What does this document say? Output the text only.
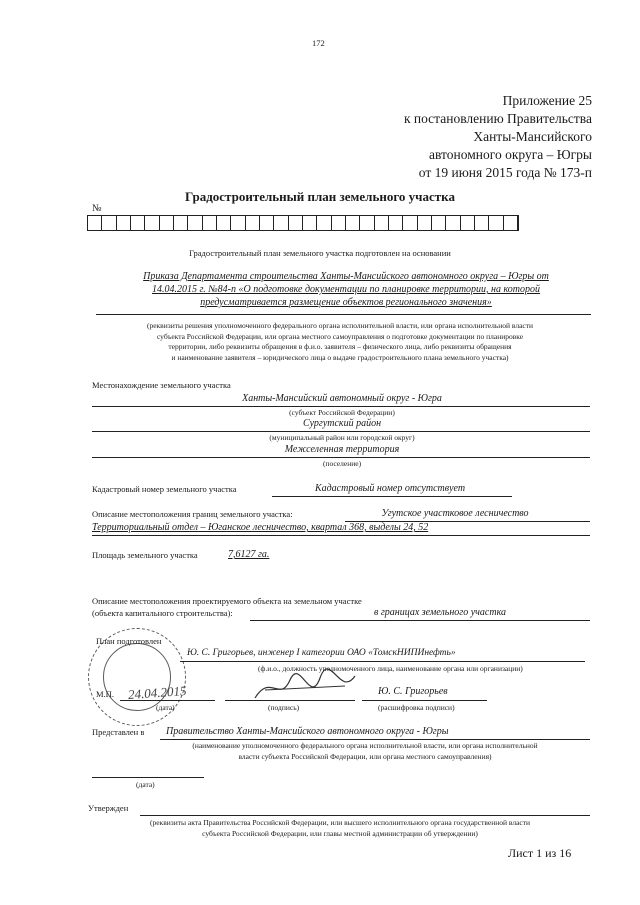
172
Приложение 25
к постановлению Правительства
Ханты-Мансийского
автономного округа – Югры
от 19 июня 2015 года № 173-п
Градостроительный план земельного участка
№
Градостроительный план земельного участка подготовлен на основании
Приказа Департамента строительства Ханты-Мансийского автономного округа – Югры от
14.04.2015 г. №84-п «О подготовке документации по планировке территории, на которой
предусматривается размещение объектов регионального значения»
(реквизиты решения уполномоченного федерального органа исполнительной власти, или органа исполнительной власти
субъекта Российской Федерации, или органа местного самоуправления о подготовке документации по планировке
территории, либо реквизиты обращения в ф.и.о. заявителя – физического лица, либо реквизиты обращения
и наименование заявителя – юридического лица о выдаче градостроительного плана земельного участка)
Местонахождение земельного участка
Ханты-Мансийский автономный округ - Югра
(субъект Российской Федерации)
Сургутский район
(муниципальный район или городской округ)
Межселенная территория
(поселение)
Кадастровый номер земельного участка	Кадастровый номер отсутствует
Описание местоположения границ земельного участка:	Угутское участковое лесничество
Территориальный отдел – Юганское лесничество, квартал 368, выделы 24, 52
Площадь земельного участка	7,6127 га.
Описание местоположения проектируемого объекта на земельном участке
(объекта капитального строительства):	в границах земельного участка
План подготовлен
Ю. С. Григорьев, инженер I категории ОАО «ТомскНИПИнефть»
(ф.и.о., должность уполномоченного лица, наименование органа или организации)
М.П. 24.04.2015
(дата)	(подпись)
Ю. С. Григорьев
(расшифровка подписи)
Представлен в Правительство Ханты-Мансийского автономного округа - Югры
(наименование уполномоченного федерального органа исполнительной власти, или органа исполнительной
власти субъекта Российской Федерации, или органа местного самоуправления)
(дата)
Утвержден
(реквизиты акта Правительства Российской Федерации, или высшего исполнительного органа государственной власти
субъекта Российской Федерации, или главы местной администрации об утверждении)
Лист 1 из 16
